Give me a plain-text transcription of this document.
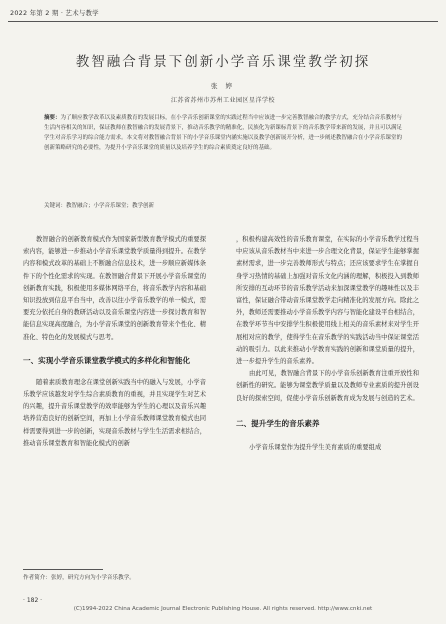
2022 年第 2 期 · 艺术与教学
教智融合背景下创新小学音乐课堂教学初探
张 婷
江苏省苏州市苏州工业园区星洋学校
摘要：为了顺应教学改革以及素质教育的发展目标，在小学音乐创新课堂的实践过程当中应该进一步完善教智融合的教学方式，充分结合音乐教材与生活内容相关的知识，保证教师在教智融合的发展背景下，推动音乐教学的精准化，民族化为新课标背景下的音乐教学带来新的发展，并且可以满足学生对音乐学习的综合能力需求。本文将对教智融合背景下的小学音乐课堂内涵实施以及教学创新展开分析，进一步阐述教智融合在小学音乐课堂的创新策略研究的必要性，为提升小学音乐课堂的质量以及培养学生的综合素质奠定良好的基础。
关键词：教智融合；小学音乐课堂；教学创新

教智融合的创新教育模式作为国家新型教育教学模式的重要探索内容，能够进一步推动小学音乐课堂教学质量得到提升。在教学内容和模式改革的基础上不断融合信息技术，进一步顺应新媒体条件下的个性化需求的实现。在教智融合背景下开展小学音乐课堂的创新教育实践，积极使用多媒体网络平台，将音乐教学内容和基础知识投放到信息平台当中，改善以往小学音乐教学的单一模式，需要充分依托自身的教研活动以及音乐课堂内容进一步探讨教育和智能信息实现高度融合，为小学音乐课堂的创新教育带来个性化、精准化、特色化的发展模式与思考。

一、实现小学音乐课堂教学模式的多样化和智能化

随着素质教育理念在课堂创新实践当中的融入与发展，小学音乐教学应该越发对学生综合素质教育的重视，并且实现学生对艺术的兴趣，提升音乐课堂教学的效率能够为学生的心理以及音乐兴趣培养营造良好的创新空间，再加上小学音乐教师课堂教育模式也同样需要得到进一步的创新，实现音乐教材与学生生活需求相结合，推动音乐课堂教育和智能化模式的创新

，积极构建高效性的音乐教育课堂，在实际的小学音乐教学过程当中应该从音乐教材当中来进一步合理文化背景，保证学生能够掌握素材需求，进一步完善教师形式与特点；还应该要求学生在掌握自身学习热情的基础上加强对音乐文化内涵的理解，积极投入到教师所安排的互动环节的音乐教学活动来加深课堂教学的趣味性以及丰富性，保证融合带动音乐课堂教学走向精准化的发展方向。除此之外，教师还需要推动小学音乐教学内容与智能化建设平台相结合，在教学环节当中安排学生积极使用线上相关的音乐素材来对学生开展相对应的教学，使得学生在音乐教学的实践活动当中保证课堂活动的吸引力。以此来推动小学教育实践的创新和课堂质量的提升，进一步提升学生的音乐素养。

由此可见，教智融合背景下的小学音乐创新教育注重开放性和创新性的研究。能够为课堂教学质量以及教师专业素质的提升创设良好的探索空间，促使小学音乐创新教育成为发展与创造的艺术。

二、提升学生的音乐素养

小学音乐课堂作为提升学生美育素质的重要组成

作者简介：张婷，研究方向为小学音乐教学。
· 182 ·
(C)1994-2022 China Academic Journal Electronic Publishing House. All rights reserved. http://www.cnki.net
